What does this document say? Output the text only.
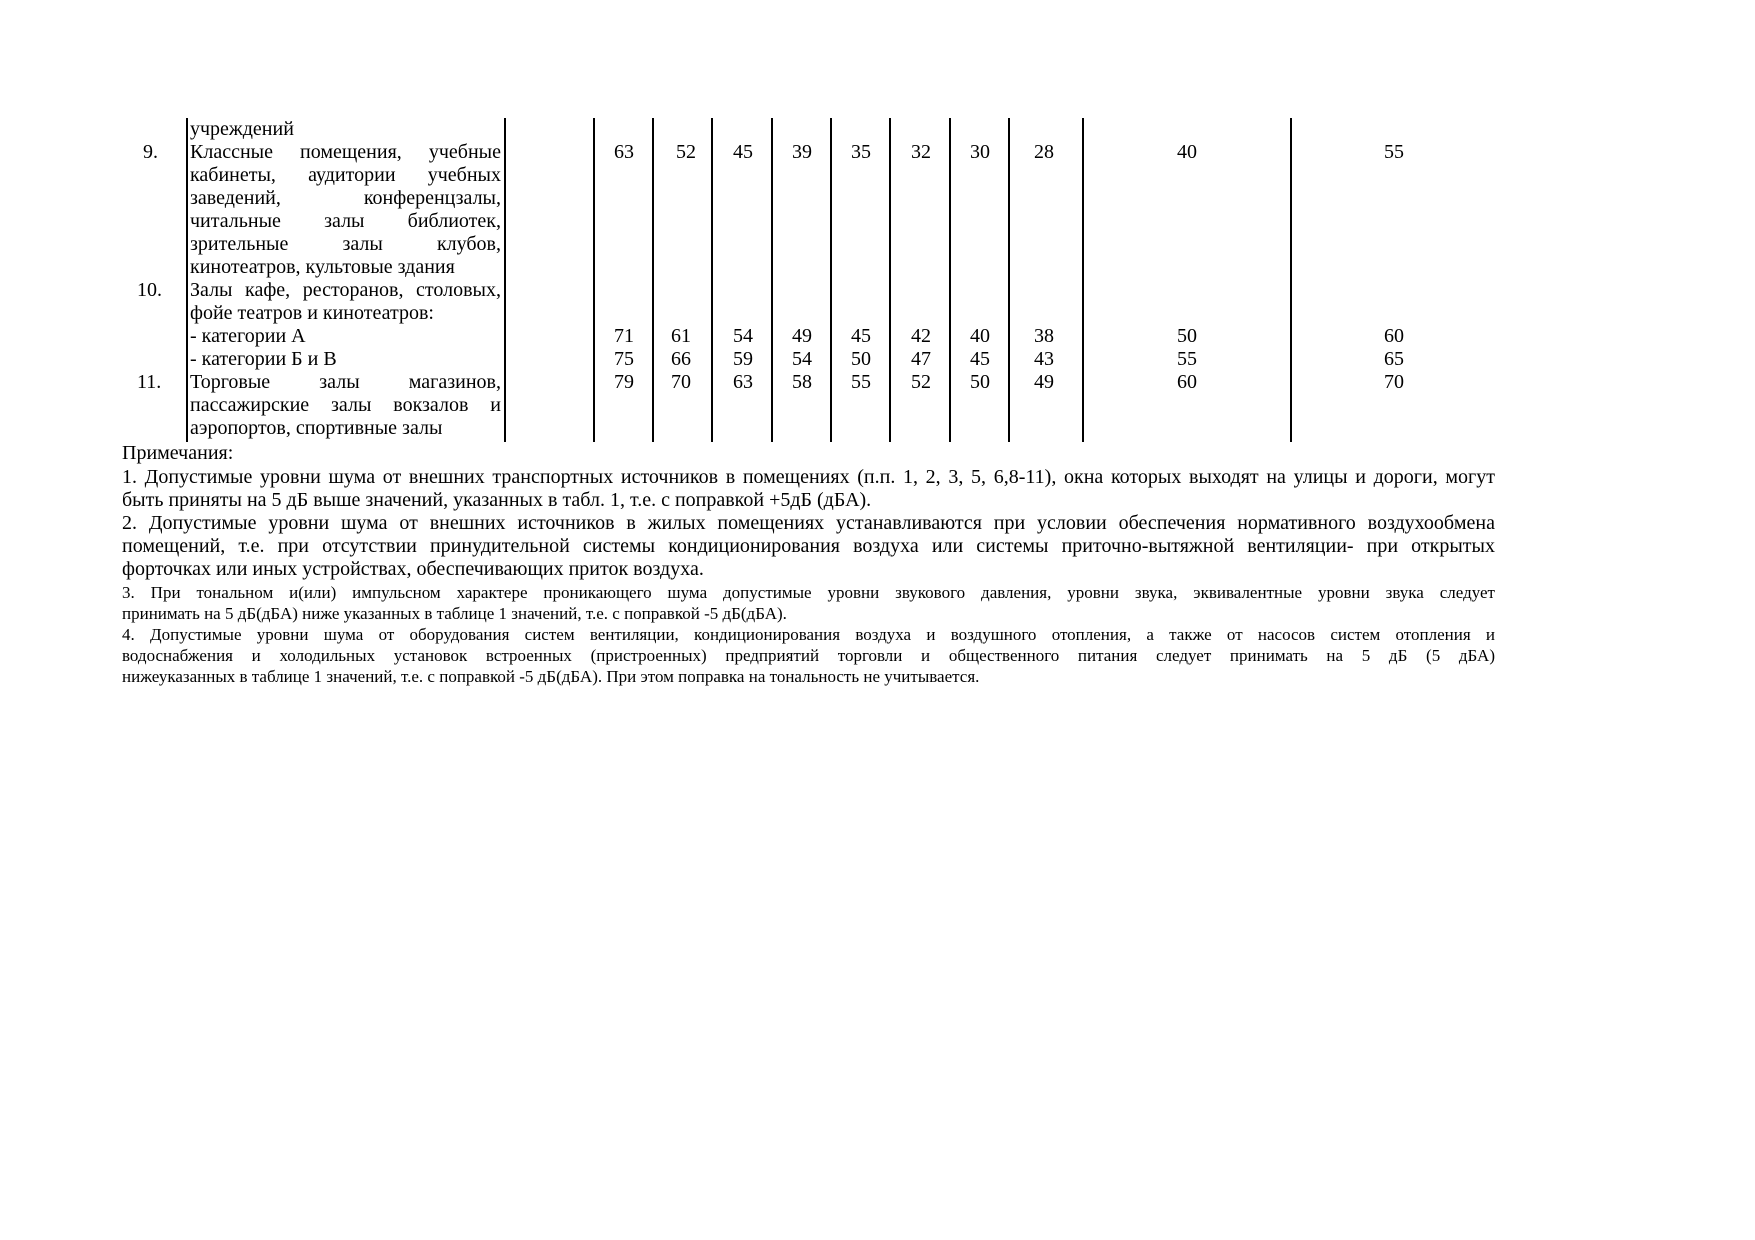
учреждений
9. Классные помещения, учебные
кабинеты, аудитории учебных
заведений, конференцзалы,
читальные залы библиотек,
зрительные залы клубов,
кинотеатров, культовые здания
63	52	45	39	35	32	30	28	40	55
10. Залы кафе, ресторанов, столовых,
фойе театров и кинотеатров:
- категории А	71	61	54	49	45	42	40	38	50	60
- категории Б и В	75	66	59	54	50	47	45	43	55	65
11. Торговые залы магазинов,
пассажирские залы вокзалов и
аэропортов, спортивные залы
79	70	63	58	55	52	50	49	60	70
Примечания:
1. Допустимые уровни шума от внешних транспортных источников в помещениях (п.п. 1, 2, 3, 5, 6,8-11), окна которых выходят на улицы и дороги, могут
быть приняты на 5 дБ выше значений, указанных в табл. 1, т.е. с поправкой +5дБ (дБА).
2. Допустимые уровни шума от внешних источников в жилых помещениях устанавливаются при условии обеспечения нормативного воздухообмена
помещений, т.е. при отсутствии принудительной системы кондиционирования воздуха или системы приточно-вытяжной вентиляции- при открытых
форточках или иных устройствах, обеспечивающих приток воздуха.
3. При тональном и(или) импульсном характере проникающего шума допустимые уровни звукового давления, уровни звука, эквивалентные уровни звука следует
принимать на 5 дБ(дБА) ниже указанных в таблице 1 значений, т.е. с поправкой -5 дБ(дБА).
4. Допустимые уровни шума от оборудования систем вентиляции, кондиционирования воздуха и воздушного отопления, а также от насосов систем отопления и
водоснабжения и холодильных установок встроенных (пристроенных) предприятий торговли и общественного питания следует принимать на 5 дБ (5 дБА)
нижеуказанных в таблице 1 значений, т.е. с поправкой -5 дБ(дБА). При этом поправка на тональность не учитывается.
